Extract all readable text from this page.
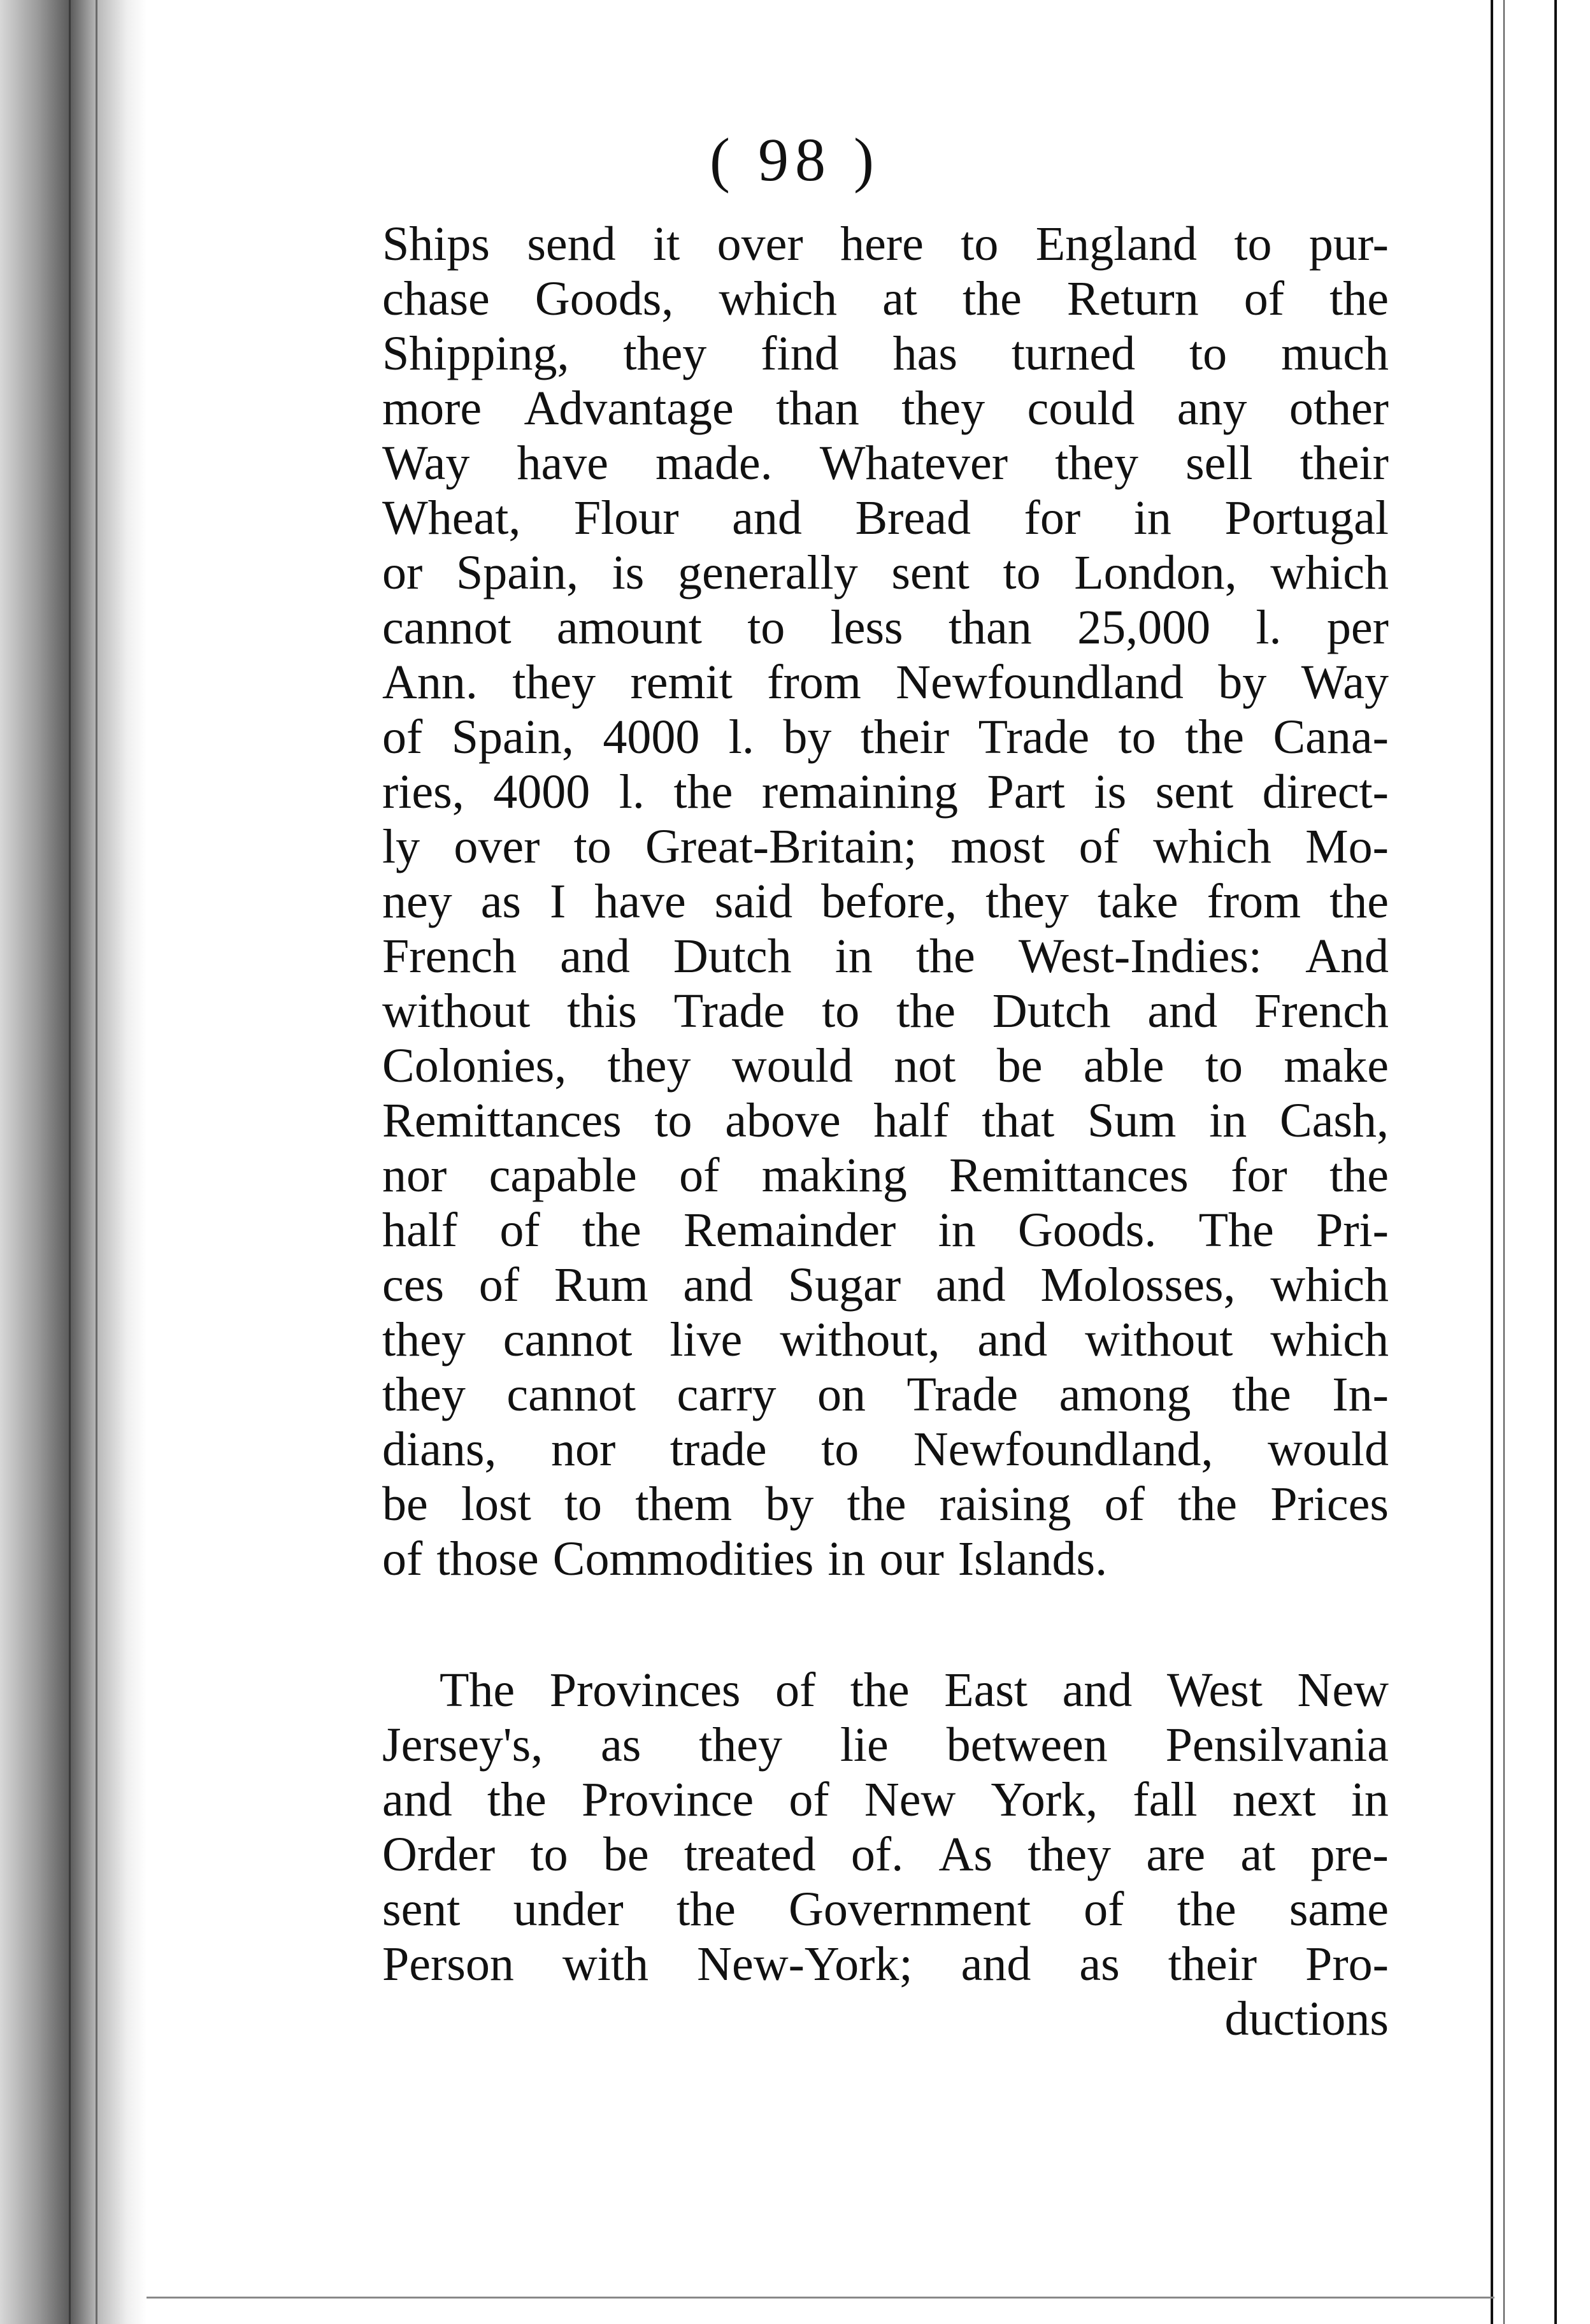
( 98 )
Ships send it over here to England to pur-
chase Goods, which at the Return of the
Shipping, they find has turned to much
more Advantage than they could any other
Way have made. Whatever they sell their
Wheat, Flour and Bread for in Portugal
or Spain, is generally sent to London, which
cannot amount to less than 25,000 l. per
Ann. they remit from Newfoundland by Way
of Spain, 4000 l. by their Trade to the Cana-
ries, 4000 l. the remaining Part is sent direct-
ly over to Great-Britain; most of which Mo-
ney as I have said before, they take from the
French and Dutch in the West-Indies: And
without this Trade to the Dutch and French
Colonies, they would not be able to make
Remittances to above half that Sum in Cash,
nor capable of making Remittances for the
half of the Remainder in Goods. The Pri-
ces of Rum and Sugar and Molosses, which
they cannot live without, and without which
they cannot carry on Trade among the In-
dians, nor trade to Newfoundland, would
be lost to them by the raising of the Prices
of those Commodities in our Islands.
The Provinces of the East and West New
Jersey's, as they lie between Pensilvania
and the Province of New York, fall next in
Order to be treated of. As they are at pre-
sent under the Government of the same
Person with New-York; and as their Pro-
ductions
